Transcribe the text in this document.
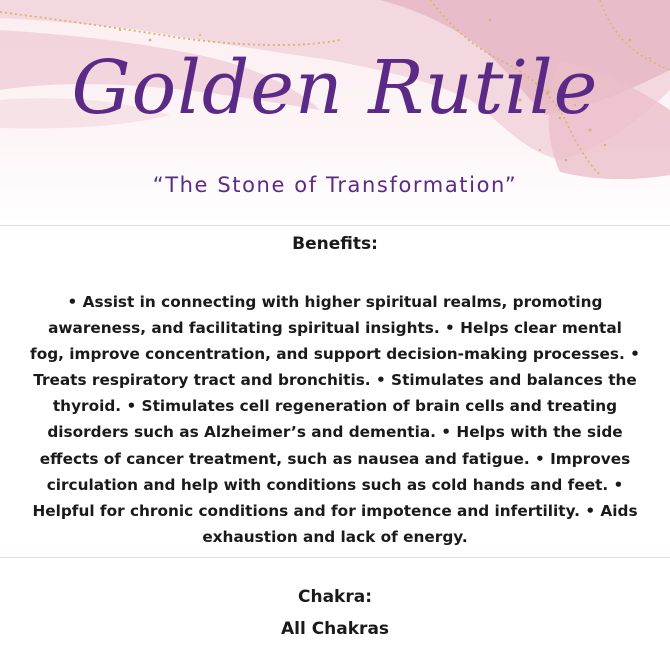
Golden Rutile
“The Stone of Transformation”
Benefits:

• Assist in connecting with higher spiritual realms, promoting awareness, and facilitating spiritual insights. • Helps clear mental fog, improve concentration, and support decision-making processes. • Treats respiratory tract and bronchitis. • Stimulates and balances the thyroid. • Stimulates cell regeneration of brain cells and treating disorders such as Alzheimer’s and dementia. • Helps with the side effects of cancer treatment, such as nausea and fatigue. • Improves circulation and help with conditions such as cold hands and feet. • Helpful for chronic conditions and for impotence and infertility. • Aids exhaustion and lack of energy.

Chakra:
All Chakras
